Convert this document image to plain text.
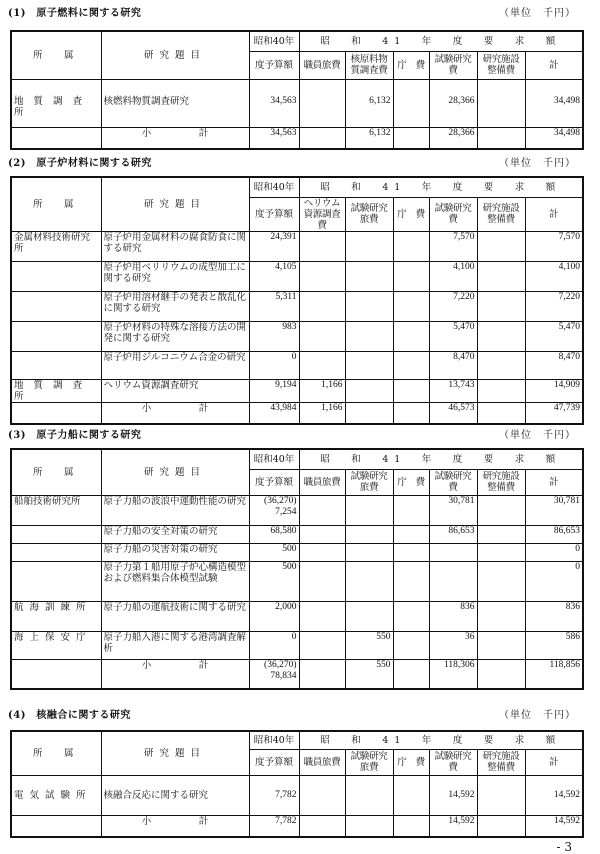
(1)　原子燃料に関する研究	（単位　千円）
所　属	研究題目	昭和40年	昭　和　41　年　度　要　求　額					
		度予算額	職員旅費	核原料物質調査費	庁　費	試験研究費	研究施設整備費	計
地質調査所	核燃料物質調査研究	34,563		6,132		28,366		34,498
	小　　　　　計	34,563		6,132		28,366		34,498
(2)　原子炉材料に関する研究	（単位　千円）
所　属	研究題目	昭和40年	昭　和　41　年　度　要　求　額					
		度予算額	ヘリウム資源調査費	試験研究旅費	庁　費	試験研究費	研究施設整備費	計
金属材料技術研究所	原子炉用金属材料の腐食防食に関する研究	24,391				7,570		7,570
	原子炉用ベリリウムの成型加工に関する研究	4,105				4,100		4,100
	原子炉用溶材継手の発表と散乱化に関する研究	5,311				7,220		7,220
	原子炉材料の特殊な溶接方法の開発に関する研究	983				5,470		5,470
	原子炉用ジルコニウム合金の研究	0				8,470		8,470
地質調査所	ヘリウム資源調査研究	9,194	1,166			13,743		14,909
	小　　　　　計	43,984	1,166			46,573		47,739
(3)　原子力船に関する研究	（単位　千円）
所　属	研究題目	昭和40年	昭　和　41　年　度　要　求　額					
		度予算額	職員旅費	試験研究旅費	庁　費	試験研究費	研究施設整備費	計
船舶技術研究所	原子力船の波浪中運動性能の研究	(36,270)
7,254				30,781		30,781
	原子力船の安全対策の研究	68,580				86,653		86,653
	原子力船の災害対策の研究	500						0
	原子力第１船用原子炉心構造模型および燃料集合体模型試験	500						0
航海訓練所	原子力船の運航技術に関する研究	2,000				836		836
海上保安庁	原子力船入港に関する港湾調査解析	0		550		36		586
	小　　　　　計	(36,270)
78,834		550		118,306		118,856
(4)　核融合に関する研究	（単位　千円）
所　属	研究題目	昭和40年	昭　和　41　年　度　要　求　額					
		度予算額	職員旅費	試験研究旅費	庁　費	試験研究費	研究施設整備費	計
電気試験所	核融合反応に関する研究	7,782				14,592		14,592
	小　　　　　計	7,782				14,592		14,592
- 3
